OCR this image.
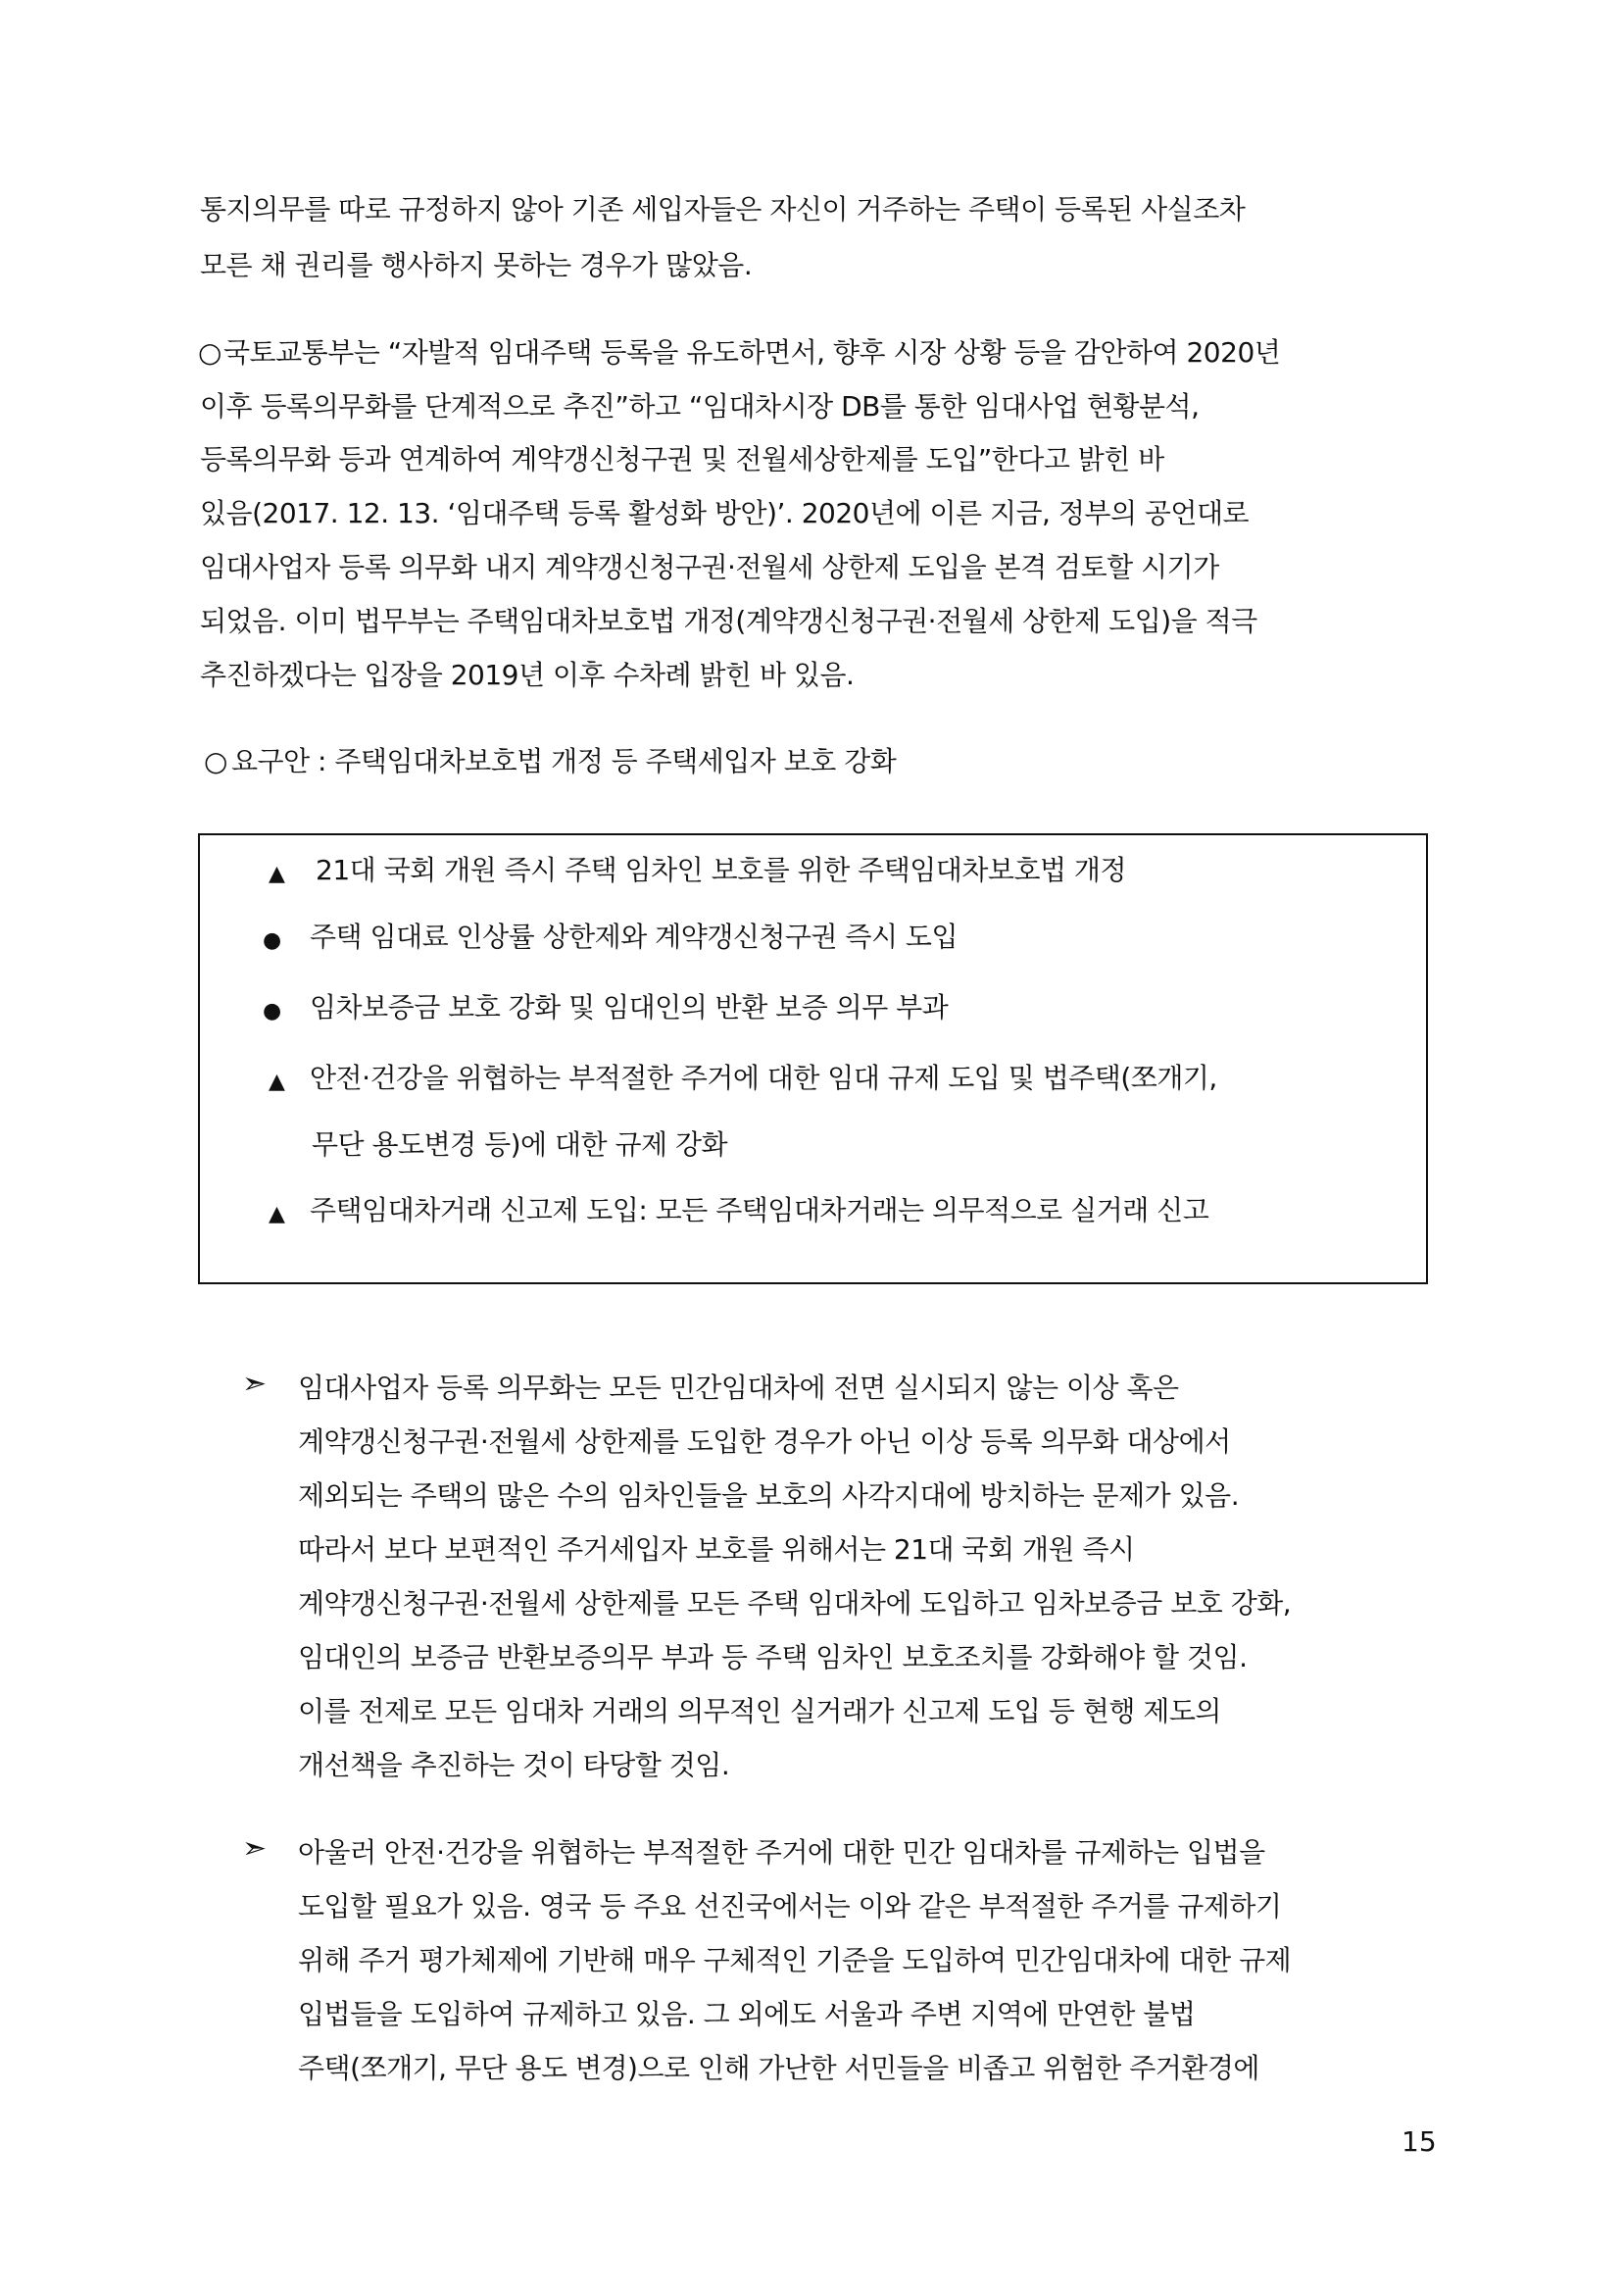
통지의무를 따로 규정하지 않아 기존 세입자들은 자신이 거주하는 주택이 등록된 사실조차
모른 채 권리를 행사하지 못하는 경우가 많았음.
○ 국토교통부는 “자발적 임대주택 등록을 유도하면서, 향후 시장 상황 등을 감안하여 2020년
이후 등록의무화를 단계적으로 추진”하고 “임대차시장 DB를 통한 임대사업 현황분석,
등록의무화 등과 연계하여 계약갱신청구권 및 전월세상한제를 도입”한다고 밝힌 바
있음(2017. 12. 13. ‘임대주택 등록 활성화 방안)’. 2020년에 이른 지금, 정부의 공언대로
임대사업자 등록 의무화 내지 계약갱신청구권·전월세 상한제 도입을 본격 검토할 시기가
되었음. 이미 법무부는 주택임대차보호법 개정(계약갱신청구권·전월세 상한제 도입)을 적극
추진하겠다는 입장을 2019년 이후 수차례 밝힌 바 있음.
○ 요구안 : 주택임대차보호법 개정 등 주택세입자 보호 강화
▲ 21대 국회 개원 즉시 주택 임차인 보호를 위한 주택임대차보호법 개정
● 주택 임대료 인상률 상한제와 계약갱신청구권 즉시 도입
● 임차보증금 보호 강화 및 임대인의 반환 보증 의무 부과
▲ 안전·건강을 위협하는 부적절한 주거에 대한 임대 규제 도입 및 법주택(쪼개기,
무단 용도변경 등)에 대한 규제 강화
▲ 주택임대차거래 신고제 도입: 모든 주택임대차거래는 의무적으로 실거래 신고
➣ 임대사업자 등록 의무화는 모든 민간임대차에 전면 실시되지 않는 이상 혹은
계약갱신청구권·전월세 상한제를 도입한 경우가 아닌 이상 등록 의무화 대상에서
제외되는 주택의 많은 수의 임차인들을 보호의 사각지대에 방치하는 문제가 있음.
따라서 보다 보편적인 주거세입자 보호를 위해서는 21대 국회 개원 즉시
계약갱신청구권·전월세 상한제를 모든 주택 임대차에 도입하고 임차보증금 보호 강화,
임대인의 보증금 반환보증의무 부과 등 주택 임차인 보호조치를 강화해야 할 것임.
이를 전제로 모든 임대차 거래의 의무적인 실거래가 신고제 도입 등 현행 제도의
개선책을 추진하는 것이 타당할 것임.
➣ 아울러 안전·건강을 위협하는 부적절한 주거에 대한 민간 임대차를 규제하는 입법을
도입할 필요가 있음. 영국 등 주요 선진국에서는 이와 같은 부적절한 주거를 규제하기
위해 주거 평가체제에 기반해 매우 구체적인 기준을 도입하여 민간임대차에 대한 규제
입법들을 도입하여 규제하고 있음. 그 외에도 서울과 주변 지역에 만연한 불법
주택(쪼개기, 무단 용도 변경)으로 인해 가난한 서민들을 비좁고 위험한 주거환경에
15
